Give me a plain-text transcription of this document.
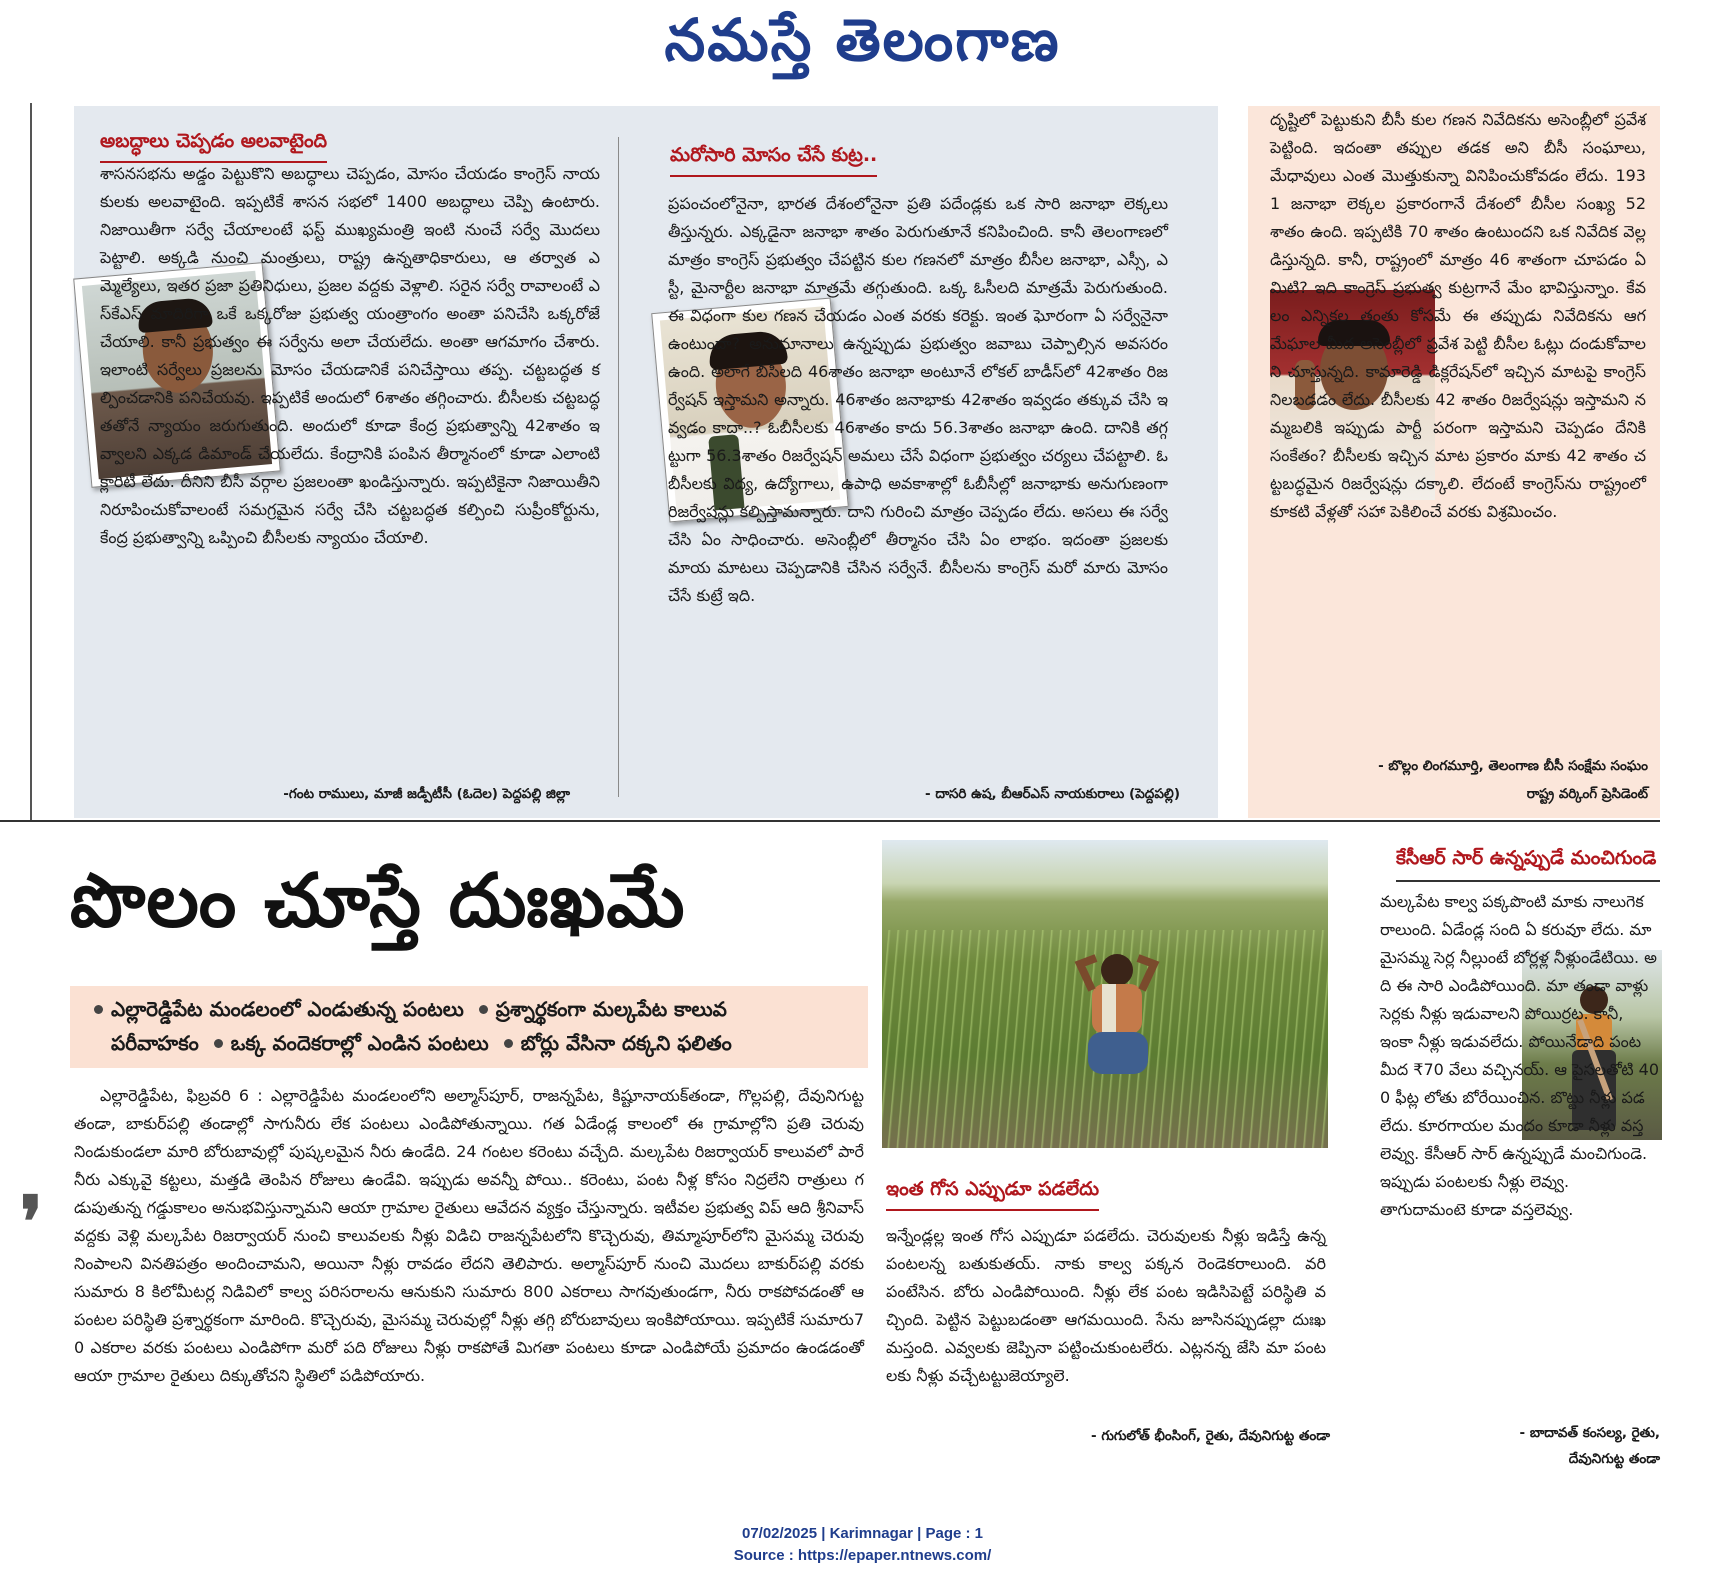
నమస్తే తెలంగాణ
అబద్ధాలు చెప్పడం అలవాటైంది

శాసనసభను అడ్డం పెట్టుకొని అబద్ధాలు చెప్పడం, మోసం చేయడం కాంగ్రెస్ నాయకులకు అలవాటైంది. ఇప్పటికే శాసన సభలో 1400 అబద్ధాలు చెప్పి ఉంటారు. నిజాయితీగా సర్వే చేయాలంటే ఫస్ట్ ముఖ్యమంత్రి ఇంటి నుంచే సర్వే మొదలు పెట్టాలి. అక్కడి నుంచి మంత్రులు, రాష్ట్ర ఉన్నతాధికారులు, ఆ తర్వాత ఎమ్మెల్యేలు, ఇతర ప్రజా ప్రతినిధులు, ప్రజల వద్దకు వెళ్లాలి. సరైన సర్వే రావాలంటే ఎస్‌కేఎస్ మాదిరిగా ఒకే ఒక్కరోజు ప్రభుత్వ యంత్రాంగం అంతా పనిచేసి ఒక్కరోజే చేయాలి. కానీ ప్రభుత్వం ఈ సర్వేను అలా చేయలేదు. అంతా ఆగమాగం చేశారు. ఇలాంటి సర్వేలు ప్రజలను మోసం చేయడానికే పనిచేస్తాయి తప్ప. చట్టబద్ధత కల్పించడానికి పనిచేయవు. ఇప్పటికే అందులో 6శాతం తగ్గించారు. బీసీలకు చట్టబద్ధతతోనే న్యాయం జరుగుతుంది. అందులో కూడా కేంద్ర ప్రభుత్వాన్ని 42శాతం ఇవ్వాలని ఎక్కడ డిమాండ్ చేయలేదు. కేంద్రానికి పంపిన తీర్మానంలో కూడా ఎలాంటి క్లారిటీ లేదు. దీనిని బీసీ వర్గాల ప్రజలంతా ఖండిస్తున్నారు. ఇప్పటికైనా నిజాయితీని నిరూపించుకోవాలంటే సమగ్రమైన సర్వే చేసి చట్టబద్ధత కల్పించి సుప్రీంకోర్టును, కేంద్ర ప్రభుత్వాన్ని ఒప్పించి బీసీలకు న్యాయం చేయాలి.

-గంట రాములు, మాజీ జడ్పీటీసీ (ఓదెల) పెద్దపల్లి జిల్లా
మరోసారి మోసం చేసే కుట్ర..

ప్రపంచంలోనైనా, భారత దేశంలోనైనా ప్రతి పదేండ్లకు ఒక సారి జనాభా లెక్కలు తీస్తున్నరు. ఎక్కడైనా జనాభా శాతం పెరుగుతూనే కనిపించింది. కానీ తెలంగాణలో మాత్రం కాంగ్రెస్ ప్రభుత్వం చేపట్టిన కుల గణనలో మాత్రం బీసీల జనాభా, ఎస్సీ, ఎస్టీ, మైనార్టీల జనాభా మాత్రమే తగ్గుతుంది. ఒక్క ఓసీలది మాత్రమే పెరుగుతుంది. ఈ విధంగా కుల గణన చేయడం ఎంత వరకు కరెక్టు. ఇంత ఘోరంగా ఏ సర్వేనైనా ఉంటుందా? అనుమానాలు ఉన్నప్పుడు ప్రభుత్వం జవాబు చెప్పాల్సిన అవసరం ఉంది. అలాగే బీసీలది 46శాతం జనాభా అంటూనే లోకల్ బాడీస్‌లో 42శాతం రిజర్వేషన్ ఇస్తామని అన్నారు. 46శాతం జనాభాకు 42శాతం ఇవ్వడం తక్కువ చేసి ఇవ్వడం కాదా..? ఓబీసీలకు 46శాతం కాదు 56.3శాతం జనాభా ఉంది. దానికి తగ్గట్టుగా 56.3శాతం రిజర్వేషన్ అమలు చేసే విధంగా ప్రభుత్వం చర్యలు చేపట్టాలి. ఓబీసీలకు విద్య, ఉద్యోగాలు, ఉపాధి అవకాశాల్లో ఓబీసీల్లో జనాభాకు అనుగుణంగా రిజర్వేషన్లు కల్పిస్తామన్నారు. దాని గురించి మాత్రం చెప్పడం లేదు. అసలు ఈ సర్వే చేసి ఏం సాధించారు. అసెంబ్లీలో తీర్మానం చేసి ఏం లాభం. ఇదంతా ప్రజలకు మాయ మాటలు చెప్పడానికి చేసిన సర్వేనే. బీసీలను కాంగ్రెస్ మరో మారు మోసం చేసే కుట్రే ఇది.

- దాసరి ఉష, బీఆర్‌ఎస్ నాయకురాలు (పెద్దపల్లి)

దృష్టిలో పెట్టుకుని బీసీ కుల గణన నివేదికను అసెంబ్లీలో ప్రవేశ పెట్టింది. ఇదంతా తప్పుల తడక అని బీసీ సంఘాలు, మేధావులు ఎంత మొత్తుకున్నా వినిపించుకోవడం లేదు. 1931 జనాభా లెక్కల ప్రకారంగానే దేశంలో బీసీల సంఖ్య 52 శాతం ఉంది. ఇప్పటికి 70 శాతం ఉంటుందని ఒక నివేదిక వెల్లడిస్తున్నది. కానీ, రాష్ట్రంలో మాత్రం 46 శాతంగా చూపడం ఏమిటి? ఇది కాంగ్రెస్ ప్రభుత్వ కుట్రగానే మేం భావిస్తున్నాం. కేవలం ఎన్నికల తంతు కోసమే ఈ తప్పుడు నివేదికను ఆగమేఘాల మీద అసెంబ్లీలో ప్రవేశ పెట్టి బీసీల ఓట్లు దండుకోవాలని చూస్తున్నది. కామారెడ్డి డిక్లరేషన్‌లో ఇచ్చిన మాటపై కాంగ్రెస్ నిలబడడం లేదు. బీసీలకు 42 శాతం రిజర్వేషన్లు ఇస్తామని నమ్మబలికి ఇప్పుడు పార్టీ పరంగా ఇస్తామని చెప్పడం దేనికి సంకేతం? బీసీలకు ఇచ్చిన మాట ప్రకారం మాకు 42 శాతం చట్టబద్ధమైన రిజర్వేషన్లు దక్కాలి. లేదంటే కాంగ్రెస్‌ను రాష్ట్రంలో కూకటి వేళ్లతో సహా పెకిలించే వరకు విశ్రమించం.

- బొల్లం లింగమూర్తి, తెలంగాణ బీసీ సంక్షేమ సంఘం
రాష్ట్ర వర్కింగ్ ప్రెసిడెంట్
పొలం చూస్తే దుఃఖమే
ఎల్లారెడ్డిపేట మండలంలో ఎండుతున్న పంటలు ప్రశ్నార్థకంగా మల్కపేట కాలువ
పరీవాహకం ఒక్క వందెకరాల్లో ఎండిన పంటలు బోర్లు వేసినా దక్కని ఫలితం
ఎల్లారెడ్డిపేట, ఫిబ్రవరి 6 : ఎల్లారెడ్డిపేట మండలంలోని అల్మాస్‌పూర్, రాజన్నపేట, కిష్టూనాయక్‌తండా, గొల్లపల్లి, దేవునిగుట్టతండా, బాకుర్‌పల్లి తండాల్లో సాగునీరు లేక పంటలు ఎండిపోతున్నాయి. గత ఏడేండ్ల కాలంలో ఈ గ్రామాల్లోని ప్రతి చెరువు నిండుకుండలా మారి బోరుబావుల్లో పుష్కలమైన నీరు ఉండేది. 24 గంటల కరెంటు వచ్చేది. మల్కపేట రిజర్వాయర్ కాలువలో పారే నీరు ఎక్కువై కట్టలు, మత్తడి తెంపిన రోజులు ఉండేవి. ఇప్పుడు అవన్నీ పోయి.. కరెంటు, పంట నీళ్ల కోసం నిద్రలేని రాత్రులు గడుపుతున్న గడ్డుకాలం అనుభవిస్తున్నామని ఆయా గ్రామాల రైతులు ఆవేదన వ్యక్తం చేస్తున్నారు. ఇటీవల ప్రభుత్వ విప్ ఆది శ్రీనివాస్ వద్దకు వెళ్లి మల్కపేట రిజర్వాయర్ నుంచి కాలువలకు నీళ్లు విడిచి రాజన్నపేటలోని కొచ్చెరువు, తిమ్మాపూర్‌లోని మైసమ్మ చెరువు నింపాలని వినతిపత్రం అందించామని, అయినా నీళ్లు రావడం లేదని తెలిపారు. అల్మాస్‌పూర్ నుంచి మొదలు బాకుర్‌పల్లి వరకు సుమారు 8 కిలోమీటర్ల నిడివిలో కాల్వ పరిసరాలను ఆనుకుని సుమారు 800 ఎకరాలు సాగవుతుండగా, నీరు రాకపోవడంతో ఆ పంటల పరిస్థితి ప్రశ్నార్థకంగా మారింది. కొచ్చెరువు, మైసమ్మ చెరువుల్లో నీళ్లు తగ్గి బోరుబావులు ఇంకిపోయాయి. ఇప్పటికే సుమారు70 ఎకరాల వరకు పంటలు ఎండిపోగా మరో పది రోజులు నీళ్లు రాకపోతే మిగతా పంటలు కూడా ఎండిపోయే ప్రమాదం ఉండడంతో ఆయా గ్రామాల రైతులు దిక్కుతోచని స్థితిలో పడిపోయారు.
❜	ఇంత గోస ఎప్పుడూ పడలేదు
ఇన్నేండ్లల్ల ఇంత గోస ఎప్పుడూ పడలేదు. చెరువులకు నీళ్లు ఇడిస్తే ఉన్న పంటలన్న బతుకుతయ్. నాకు కాల్వ పక్కన రెండెకరాలుంది. వరి పంటేసిన. బోరు ఎండిపోయింది. నీళ్లు లేక పంట ఇడిసిపెట్టే పరిస్థితి వచ్చింది. పెట్టిన పెట్టుబడంతా ఆగమయింది. సేను జూసినప్పుడల్లా దుఃఖమస్తంది. ఎవ్వలకు జెప్పినా పట్టించుకుంటలేరు. ఎట్లనన్న జేసి మా పంటలకు నీళ్లు వచ్చేటట్టుజెయ్యాలె.
- గుగులోత్ భీంసింగ్, రైతు, దేవునిగుట్ట తండా
కేసీఆర్ సార్ ఉన్నప్పుడే మంచిగుండె
మల్కపేట కాల్వ పక్కపొంటి మాకు నాలుగెకరాలుంది. ఏడేండ్ల సంది ఏ కరువూ లేదు. మా మైసమ్మ సెర్ల నీల్లుంటే బోర్లళ్ల నీళ్లుండేటియి. అది ఈ సారి ఎండిపోయింది. మా తండా వాళ్లు సెర్లకు నీళ్లు ఇడువాలని పోయిర్రట. కానీ, ఇంకా నీళ్లు ఇడువలేదు. పోయినేడాది పంటమీద ₹70 వేలు వచ్చినయ్. ఆ పైసలతోటి 400 ఫీట్ల లోతు బోరేయించిన. బొట్టు నీళ్లు పడలేదు. కూరగాయల మందం కూడా నీళ్లు వస్తలెవ్వు. కేసీఆర్ సార్ ఉన్నప్పుడే మంచిగుండె. ఇప్పుడు పంటలకు నీళ్లు లెవ్వు. తాగుదామంటె కూడా వస్తలెవ్వు.
- బాదావత్ కంసల్య, రైతు,
దేవునిగుట్ట తండా
07/02/2025 | Karimnagar | Page : 1
Source : https://epaper.ntnews.com/
